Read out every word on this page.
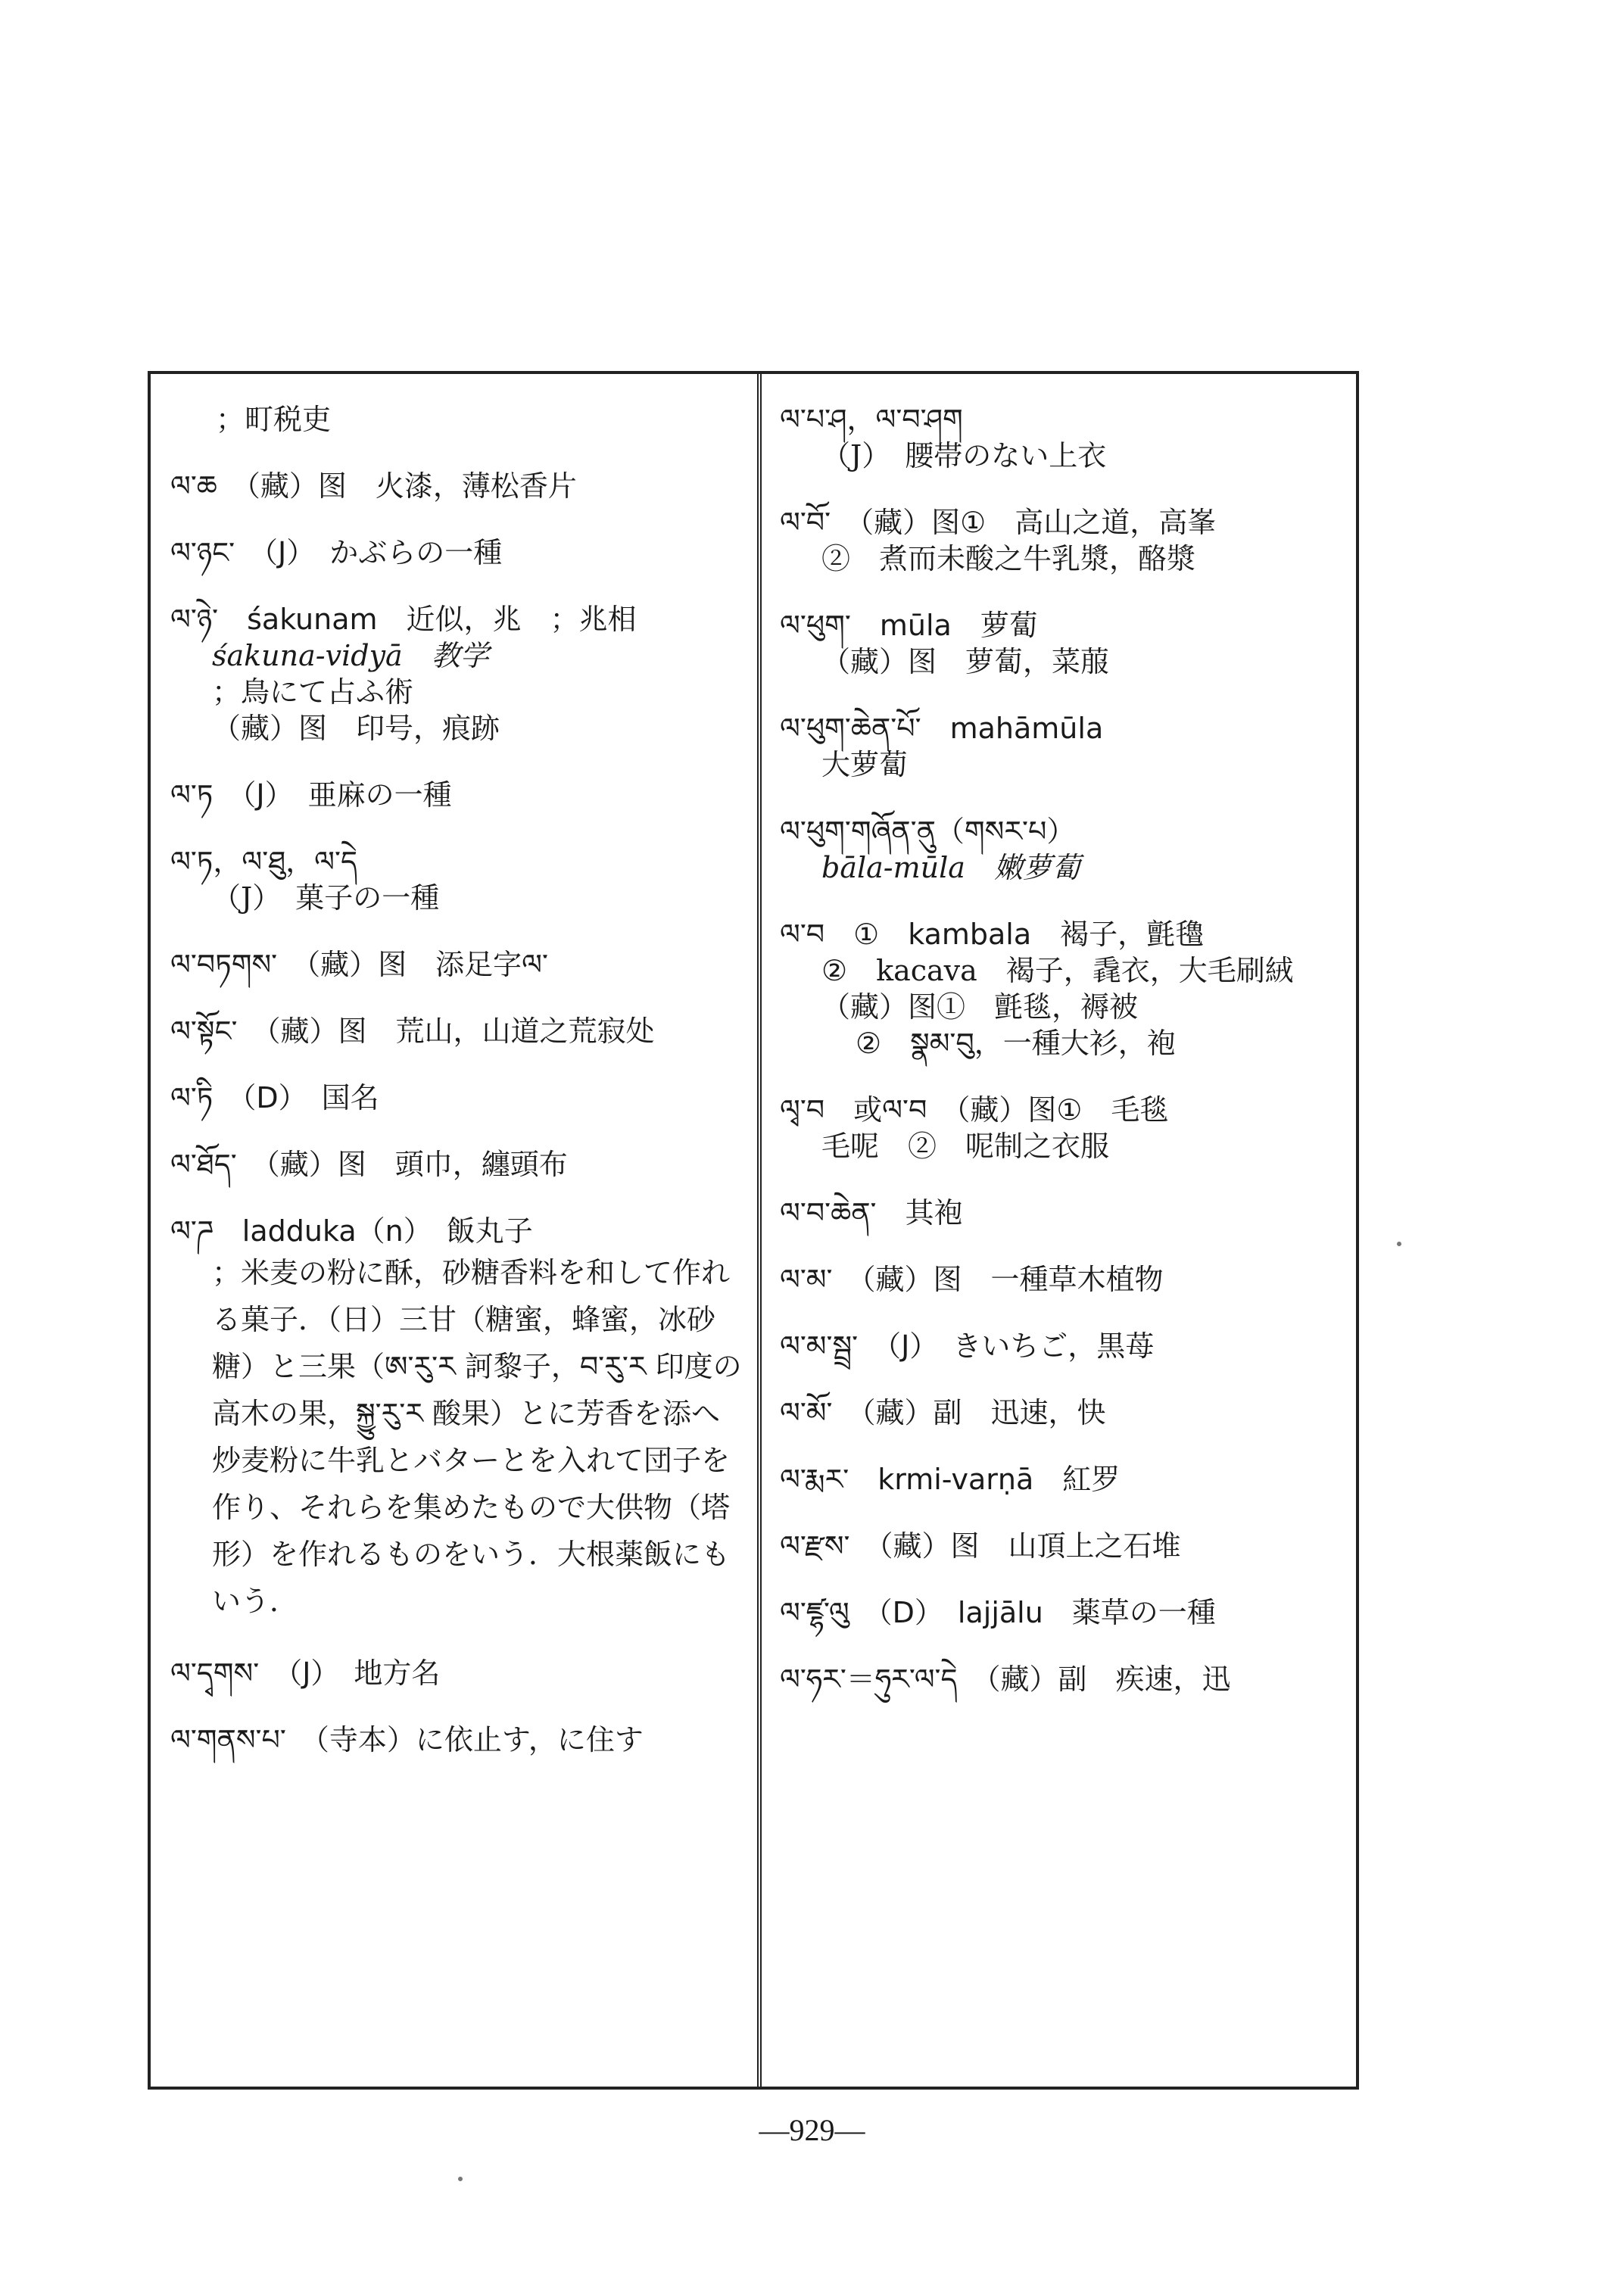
；町税吏
ལ་ཆ　（藏）图　火漆，薄松香片
ལ་ཉང་　（J）　かぶらの一種
ལ་ཉེ་　śakunam　近似，兆　；兆相
śakuna-vidyā　教学
；鳥にて占ふ術
（藏）图　印号，痕跡
ལ་ཏ　（J）　亜麻の一種
ལ་ཏ，ལ་ཐུ，ལ་དེ
（J）　菓子の一種
ལ་བཏགས་　（藏）图　添足字ལ་
ལ་སྟོང་　（藏）图　荒山，山道之荒寂处
ལ་ཏི　（D）　国名
ལ་ཐོད་　（藏）图　頭巾，纏頭布
ལ་ཌ　ladduka（n）　飯丸子
；米麦の粉に酥，砂糖香料を和して作れる菓子．（日）三甘（糖蜜，蜂蜜，冰砂糖）と三果（ཨ་རུ་ར 訶黎子，བ་རུ་ར 印度の高木の果，སྐྱུ་རུ་ར 酸果）とに芳香を添へ炒麦粉に牛乳とバターとを入れて団子を作り、それらを集めたもので大供物（塔形）を作れるものをいう．大根薬飯にもいう．
ལ་དྭགས་　（J）　地方名
ལ་གནས་པ་　（寺本）に依止す，に住す
ལ་པ་ཤ，ལ་བ་ཤག
（J）　腰帯のない上衣
ལ་བོ་　（藏）图①　高山之道，高峯
②　煮而未酸之牛乳漿，酪漿
ལ་ཕུག་　mūla　萝蔔
（藏）图　萝蔔，菜菔
ལ་ཕུག་ཆེན་པོ་　mahāmūla
大萝蔔
ལ་ཕུག་གཞོན་ནུ（གསར་པ）
bāla-mūla　嫩萝蔔
ལ་བ　①　kambala　褐子，氈氌
②　kacava　褐子，毳衣，大毛刷絨
（藏）图①　氈毯，褥被
②　སྣམ་བུ，一種大衫，袍
ལྭ་བ　或ལ་བ　（藏）图①　毛毯
毛呢　②　呢制之衣服
ལ་བ་ཆེན་　其袍
ལ་མ་　（藏）图　一種草木植物
ལ་མ་སྦྲ་　（J）　きいちご，黒苺
ལ་མོ་　（藏）副　迅速，快
ལ་རྨར་　krmi-varṇā　紅罗
ལ་རྫས་　（藏）图　山頂上之石堆
ལ་ཛྷ་ལུ　（D）　lajjālu　薬草の一種
ལ་ཧར་＝ཧུར་ལ་དེ　（藏）副　疾速，迅
—929—
